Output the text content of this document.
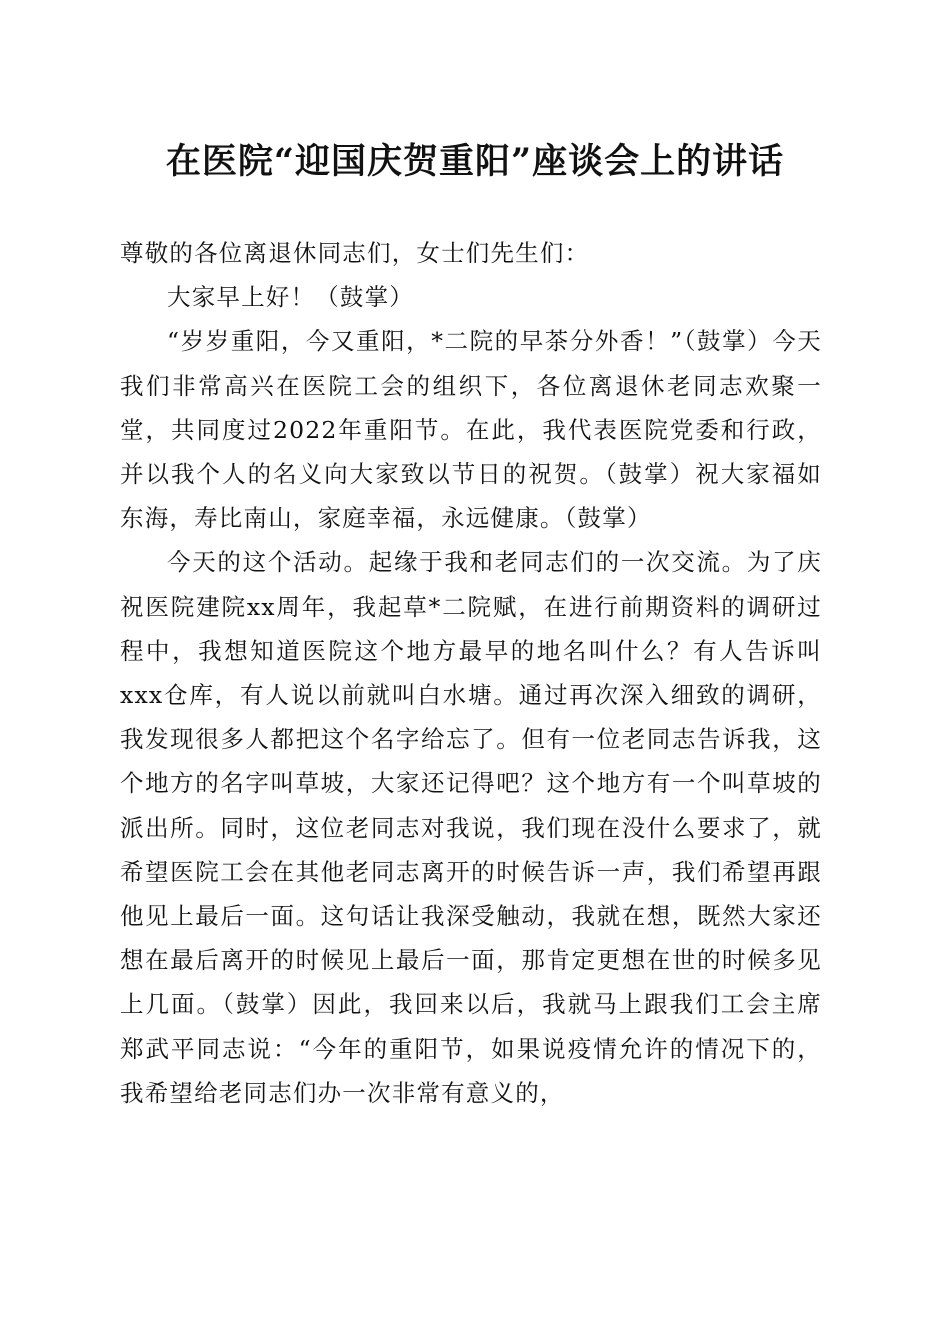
在医院“迎国庆贺重阳”座谈会上的讲话

尊敬的各位离退休同志们，女士们先生们：

大家早上好！（鼓掌）

“岁岁重阳，今又重阳，*二院的早茶分外香！”（鼓掌）今天我们非常高兴在医院工会的组织下，各位离退休老同志欢聚一堂，共同度过2022年重阳节。在此，我代表医院党委和行政，并以我个人的名义向大家致以节日的祝贺。（鼓掌）祝大家福如东海，寿比南山，家庭幸福，永远健康。（鼓掌）

今天的这个活动。起缘于我和老同志们的一次交流。为了庆祝医院建院xx周年，我起草*二院赋，在进行前期资料的调研过程中，我想知道医院这个地方最早的地名叫什么？有人告诉叫xxx仓库，有人说以前就叫白水塘。通过再次深入细致的调研，我发现很多人都把这个名字给忘了。但有一位老同志告诉我，这个地方的名字叫草坡，大家还记得吧？这个地方有一个叫草坡的派出所。同时，这位老同志对我说，我们现在没什么要求了，就希望医院工会在其他老同志离开的时候告诉一声，我们希望再跟他见上最后一面。这句话让我深受触动，我就在想，既然大家还想在最后离开的时候见上最后一面，那肯定更想在世的时候多见上几面。（鼓掌）因此，我回来以后，我就马上跟我们工会主席郑武平同志说：“今年的重阳节，如果说疫情允许的情况下的，我希望给老同志们办一次非常有意义的，
